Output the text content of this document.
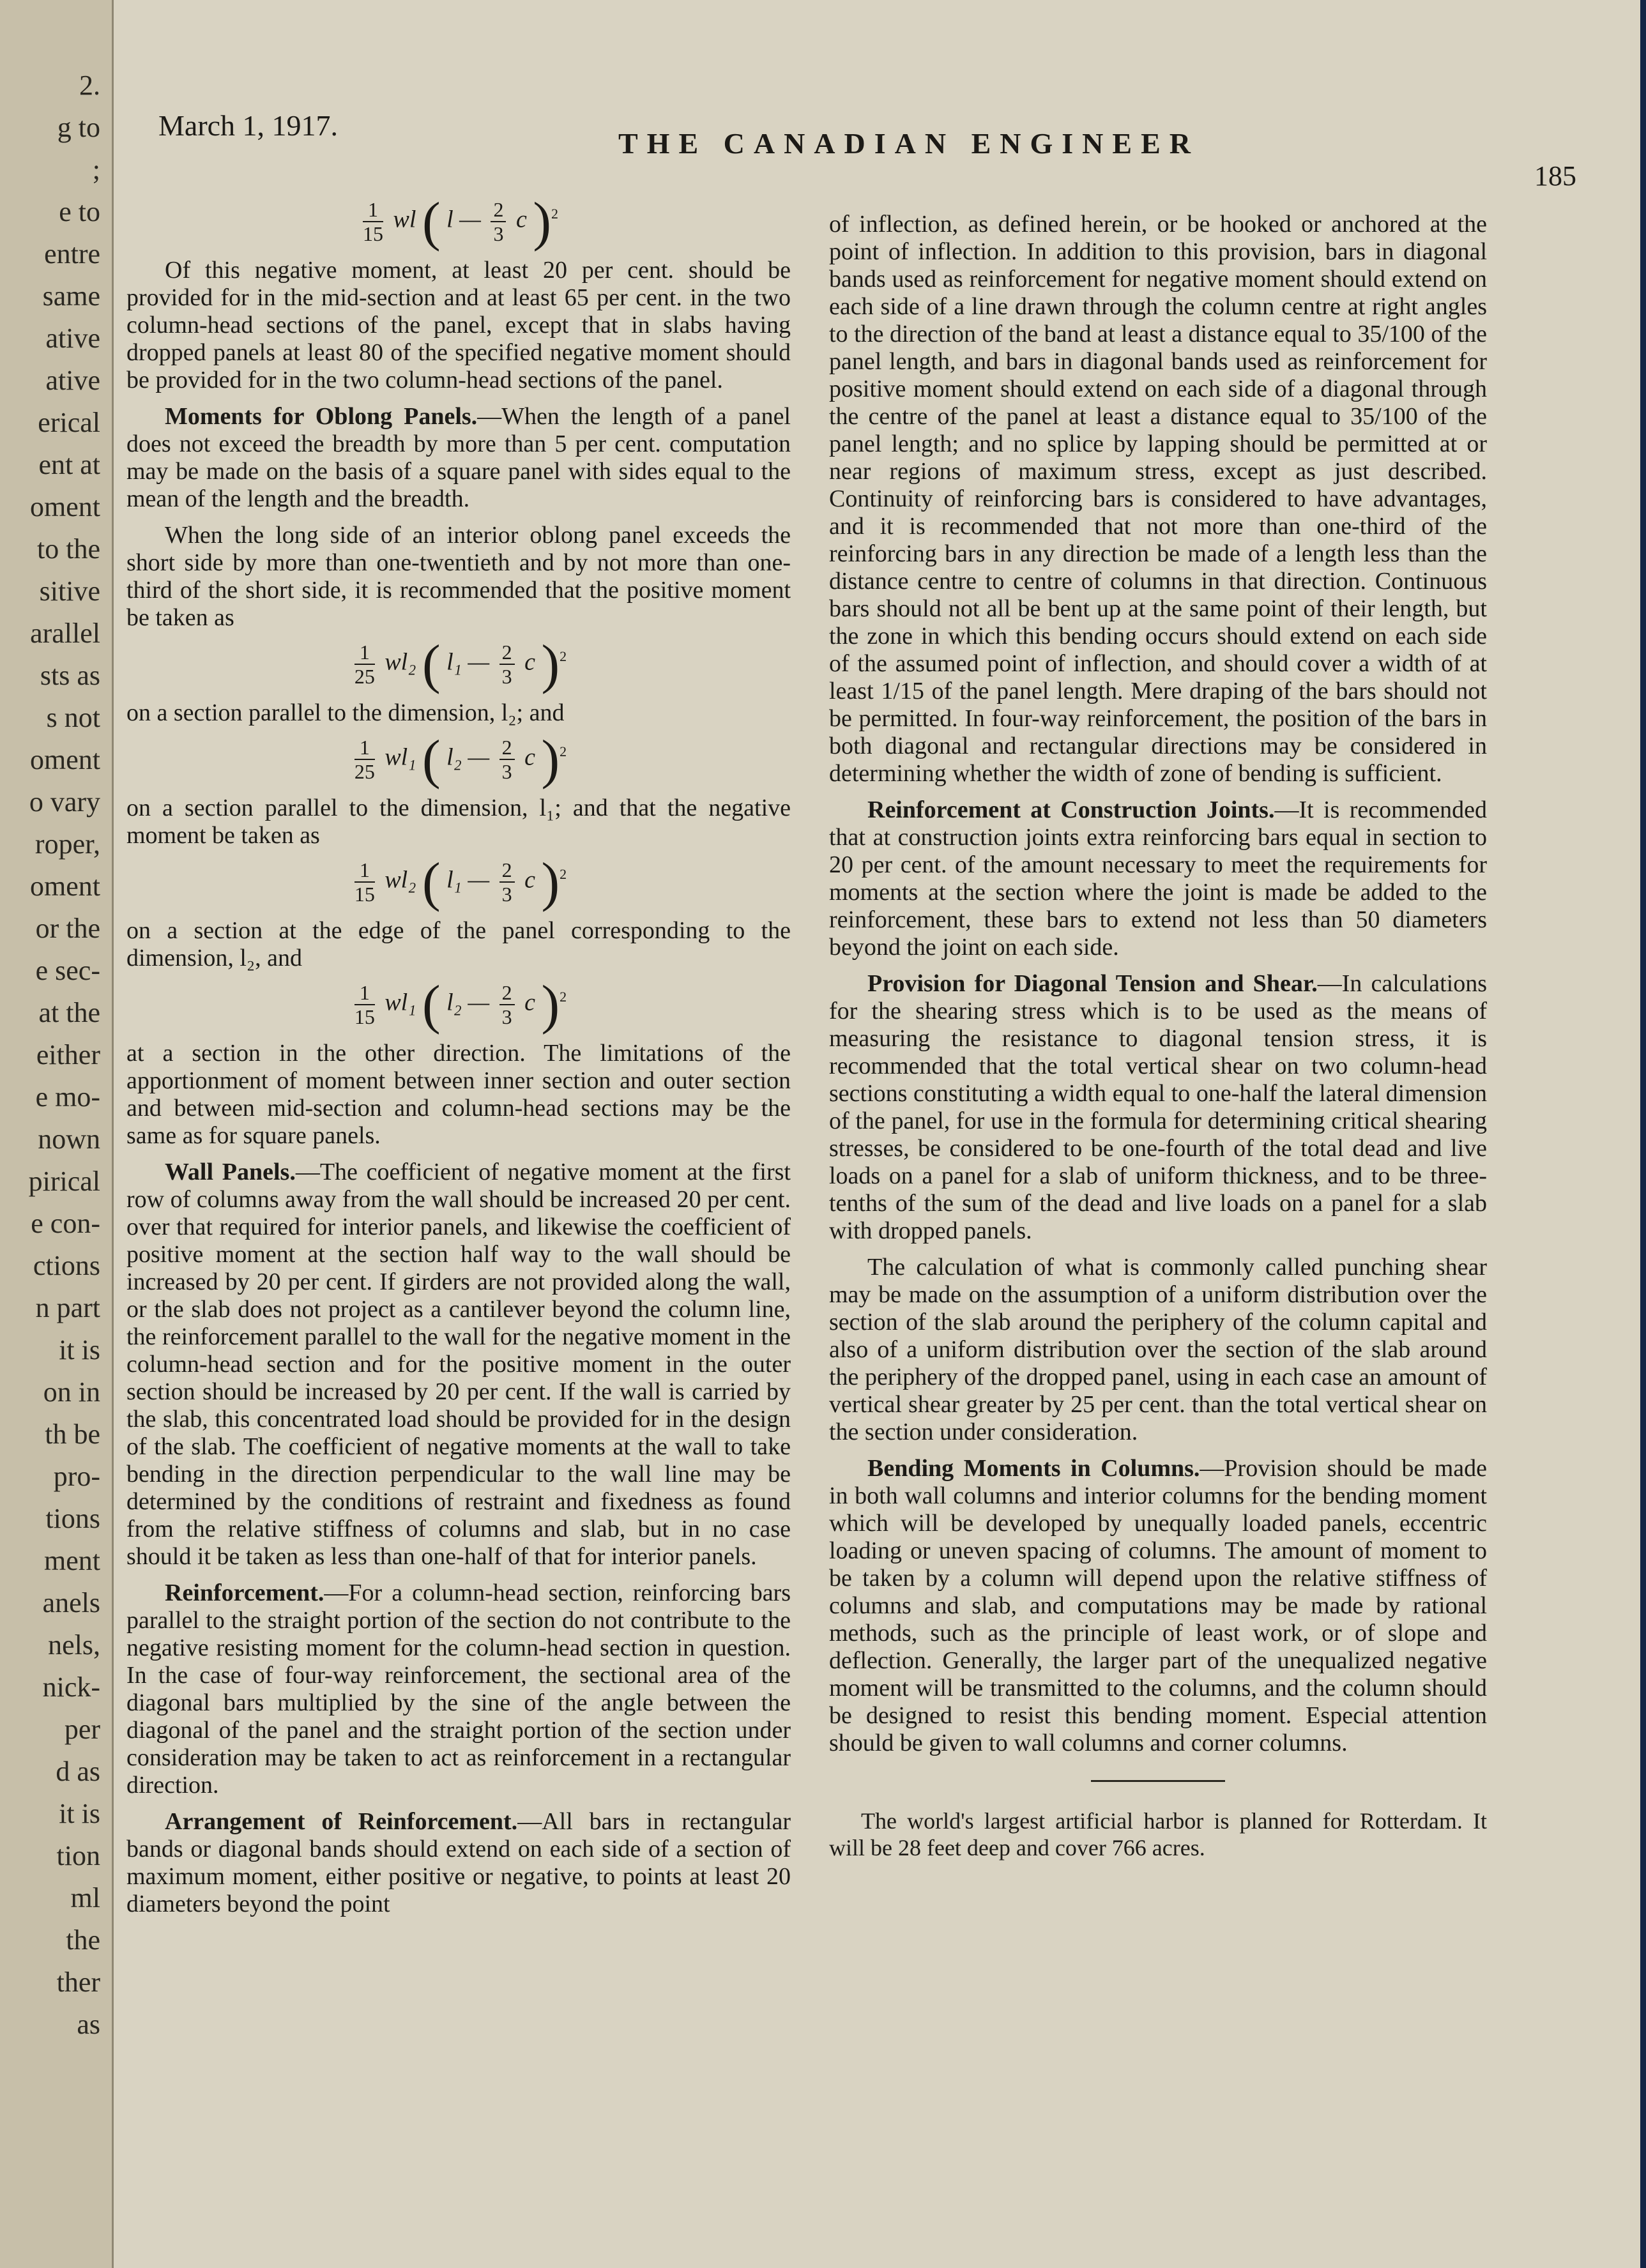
2.
g to
;
e to
entre
same
ative
ative
erical
ent at
oment
to the
sitive
arallel
sts as
s not
oment
o vary
roper,
oment
or the
e sec-
at the
either
e mo-
nown
pirical
e con-
ctions
n part
it is
on in
th be
pro-
tions
ment
anels
nels,
nick-
per
d as
it is
tion
ml
the
ther
as
March 1, 1917.
THE CANADIAN ENGINEER
185
$\frac{1}{15}$ wl ( l — $\frac{2}{3}$ c )$^2$

Of this negative moment, at least 20 per cent. should be provided for in the mid-section and at least 65 per cent. in the two column-head sections of the panel, except that in slabs having dropped panels at least 80 of the specified negative moment should be provided for in the two column-head sections of the panel.

Moments for Oblong Panels.—When the length of a panel does not exceed the breadth by more than 5 per cent. computation may be made on the basis of a square panel with sides equal to the mean of the length and the breadth.

When the long side of an interior oblong panel exceeds the short side by more than one-twentieth and by not more than one-third of the short side, it is recommended that the positive moment be taken as

$\frac{1}{25} wl_2$ ( l₁ — $\frac{2}{3}$ c )$^2$

on a section parallel to the dimension, l₂; and

$\frac{1}{25} wl_1$ ( l₂ — $\frac{2}{3}$ c )$^2$

on a section parallel to the dimension, l₁; and that the negative moment be taken as

$\frac{1}{15} wl_2$ ( l₁ — $\frac{2}{3}$ c )$^2$

on a section at the edge of the panel corresponding to the dimension, l₂, and

$\frac{1}{15} wl_1$ ( l₂ — $\frac{2}{3}$ c )$^2$

at a section in the other direction. The limitations of the apportionment of moment between inner section and outer section and between mid-section and column-head sections may be the same as for square panels.

Wall Panels.—The coefficient of negative moment at the first row of columns away from the wall should be increased 20 per cent. over that required for interior panels, and likewise the coefficient of positive moment at the section half way to the wall should be increased by 20 per cent. If girders are not provided along the wall, or the slab does not project as a cantilever beyond the column line, the reinforcement parallel to the wall for the negative moment in the column-head section and for the positive moment in the outer section should be increased by 20 per cent. If the wall is carried by the slab, this concentrated load should be provided for in the design of the slab. The coefficient of negative moments at the wall to take bending in the direction perpendicular to the wall line may be determined by the conditions of restraint and fixedness as found from the relative stiffness of columns and slab, but in no case should it be taken as less than one-half of that for interior panels.

Reinforcement.—For a column-head section, reinforcing bars parallel to the straight portion of the section do not contribute to the negative resisting moment for the column-head section in question. In the case of four-way reinforcement, the sectional area of the diagonal bars multiplied by the sine of the angle between the diagonal of the panel and the straight portion of the section under consideration may be taken to act as reinforcement in a rectangular direction.

Arrangement of Reinforcement.—All bars in rectangular bands or diagonal bands should extend on each side of a section of maximum moment, either positive or negative, to points at least 20 diameters beyond the point

of inflection, as defined herein, or be hooked or anchored at the point of inflection. In addition to this provision, bars in diagonal bands used as reinforcement for negative moment should extend on each side of a line drawn through the column centre at right angles to the direction of the band at least a distance equal to 35/100 of the panel length, and bars in diagonal bands used as reinforcement for positive moment should extend on each side of a diagonal through the centre of the panel at least a distance equal to 35/100 of the panel length; and no splice by lapping should be permitted at or near regions of maximum stress, except as just described. Continuity of reinforcing bars is considered to have advantages, and it is recommended that not more than one-third of the reinforcing bars in any direction be made of a length less than the distance centre to centre of columns in that direction. Continuous bars should not all be bent up at the same point of their length, but the zone in which this bending occurs should extend on each side of the assumed point of inflection, and should cover a width of at least 1/15 of the panel length. Mere draping of the bars should not be permitted. In four-way reinforcement, the position of the bars in both diagonal and rectangular directions may be considered in determining whether the width of zone of bending is sufficient.

Reinforcement at Construction Joints.—It is recommended that at construction joints extra reinforcing bars equal in section to 20 per cent. of the amount necessary to meet the requirements for moments at the section where the joint is made be added to the reinforcement, these bars to extend not less than 50 diameters beyond the joint on each side.

Provision for Diagonal Tension and Shear.—In calculations for the shearing stress which is to be used as the means of measuring the resistance to diagonal tension stress, it is recommended that the total vertical shear on two column-head sections constituting a width equal to one-half the lateral dimension of the panel, for use in the formula for determining critical shearing stresses, be considered to be one-fourth of the total dead and live loads on a panel for a slab of uniform thickness, and to be three-tenths of the sum of the dead and live loads on a panel for a slab with dropped panels.

The calculation of what is commonly called punching shear may be made on the assumption of a uniform distribution over the section of the slab around the periphery of the column capital and also of a uniform distribution over the section of the slab around the periphery of the dropped panel, using in each case an amount of vertical shear greater by 25 per cent. than the total vertical shear on the section under consideration.

Bending Moments in Columns.—Provision should be made in both wall columns and interior columns for the bending moment which will be developed by unequally loaded panels, eccentric loading or uneven spacing of columns. The amount of moment to be taken by a column will depend upon the relative stiffness of columns and slab, and computations may be made by rational methods, such as the principle of least work, or of slope and deflection. Generally, the larger part of the unequalized negative moment will be transmitted to the columns, and the column should be designed to resist this bending moment. Especial attention should be given to wall columns and corner columns.

The world's largest artificial harbor is planned for Rotterdam. It will be 28 feet deep and cover 766 acres.
